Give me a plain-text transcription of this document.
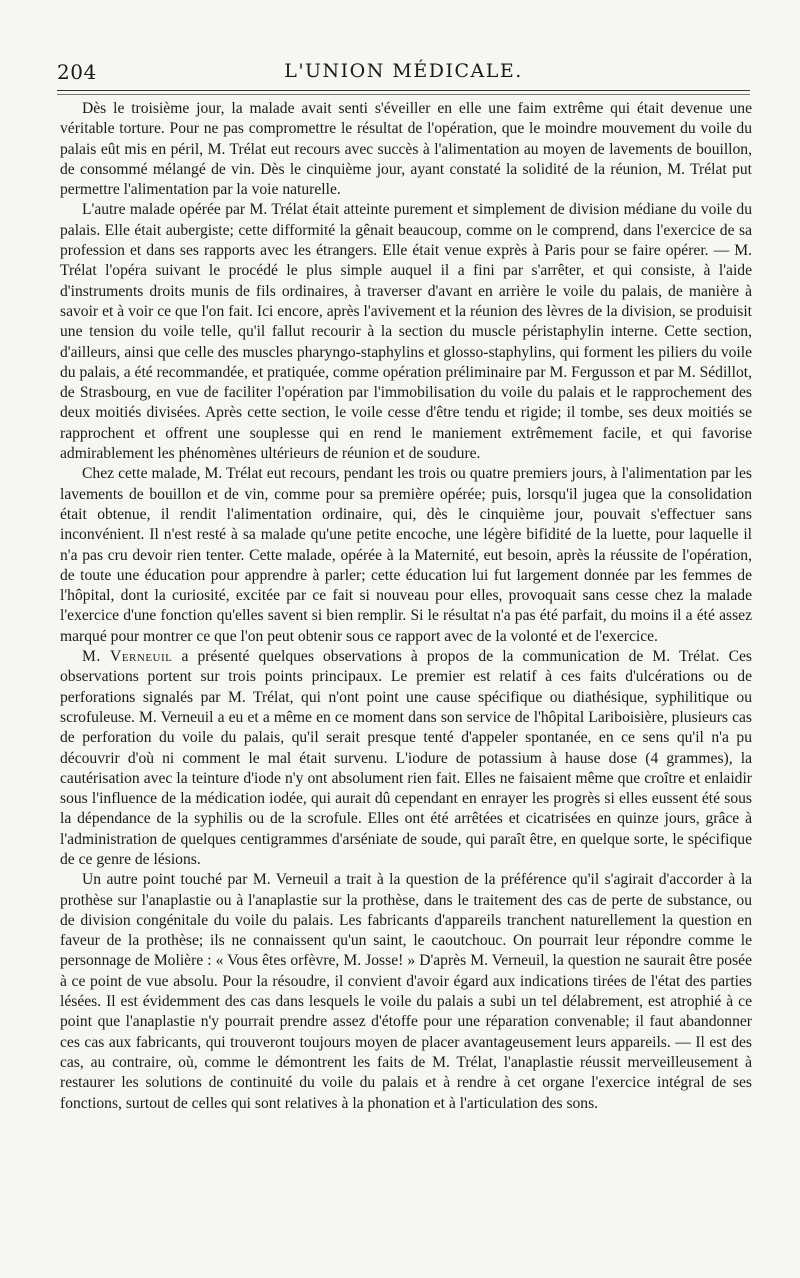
204	L'UNION MÉDICALE.

Dès le troisième jour, la malade avait senti s'éveiller en elle une faim extrême qui était devenue une véritable torture. Pour ne pas compromettre le résultat de l'opération, que le moindre mouvement du voile du palais eût mis en péril, M. Trélat eut recours avec succès à l'alimentation au moyen de lavements de bouillon, de consommé mélangé de vin. Dès le cinquième jour, ayant constaté la solidité de la réunion, M. Trélat put permettre l'alimentation par la voie naturelle.

L'autre malade opérée par M. Trélat était atteinte purement et simplement de division médiane du voile du palais. Elle était aubergiste; cette difformité la gênait beaucoup, comme on le comprend, dans l'exercice de sa profession et dans ses rapports avec les étrangers. Elle était venue exprès à Paris pour se faire opérer. — M. Trélat l'opéra suivant le procédé le plus simple auquel il a fini par s'arrêter, et qui consiste, à l'aide d'instruments droits munis de fils ordinaires, à traverser d'avant en arrière le voile du palais, de manière à savoir et à voir ce que l'on fait. Ici encore, après l'avivement et la réunion des lèvres de la division, se produisit une tension du voile telle, qu'il fallut recourir à la section du muscle péristaphylin interne. Cette section, d'ailleurs, ainsi que celle des muscles pharyngo-staphylins et glosso-staphylins, qui forment les piliers du voile du palais, a été recommandée, et pratiquée, comme opération préliminaire par M. Fergusson et par M. Sédillot, de Strasbourg, en vue de faciliter l'opération par l'immobilisation du voile du palais et le rapprochement des deux moitiés divisées. Après cette section, le voile cesse d'être tendu et rigide; il tombe, ses deux moitiés se rapprochent et offrent une souplesse qui en rend le maniement extrêmement facile, et qui favorise admirablement les phénomènes ultérieurs de réunion et de soudure.

Chez cette malade, M. Trélat eut recours, pendant les trois ou quatre premiers jours, à l'alimentation par les lavements de bouillon et de vin, comme pour sa première opérée; puis, lorsqu'il jugea que la consolidation était obtenue, il rendit l'alimentation ordinaire, qui, dès le cinquième jour, pouvait s'effectuer sans inconvénient. Il n'est resté à sa malade qu'une petite encoche, une légère bifidité de la luette, pour laquelle il n'a pas cru devoir rien tenter. Cette malade, opérée à la Maternité, eut besoin, après la réussite de l'opération, de toute une éducation pour apprendre à parler; cette éducation lui fut largement donnée par les femmes de l'hôpital, dont la curiosité, excitée par ce fait si nouveau pour elles, provoquait sans cesse chez la malade l'exercice d'une fonction qu'elles savent si bien remplir. Si le résultat n'a pas été parfait, du moins il a été assez marqué pour montrer ce que l'on peut obtenir sous ce rapport avec de la volonté et de l'exercice.

M. Verneuil a présenté quelques observations à propos de la communication de M. Trélat. Ces observations portent sur trois points principaux. Le premier est relatif à ces faits d'ulcérations ou de perforations signalés par M. Trélat, qui n'ont point une cause spécifique ou diathésique, syphilitique ou scrofuleuse. M. Verneuil a eu et a même en ce moment dans son service de l'hôpital Lariboisière, plusieurs cas de perforation du voile du palais, qu'il serait presque tenté d'appeler spontanée, en ce sens qu'il n'a pu découvrir d'où ni comment le mal était survenu. L'iodure de potassium à hause dose (4 grammes), la cautérisation avec la teinture d'iode n'y ont absolument rien fait. Elles ne faisaient même que croître et enlaidir sous l'influence de la médication iodée, qui aurait dû cependant en enrayer les progrès si elles eussent été sous la dépendance de la syphilis ou de la scrofule. Elles ont été arrêtées et cicatrisées en quinze jours, grâce à l'administration de quelques centigrammes d'arséniate de soude, qui paraît être, en quelque sorte, le spécifique de ce genre de lésions.

Un autre point touché par M. Verneuil a trait à la question de la préférence qu'il s'agirait d'accorder à la prothèse sur l'anaplastie ou à l'anaplastie sur la prothèse, dans le traitement des cas de perte de substance, ou de division congénitale du voile du palais. Les fabricants d'appareils tranchent naturellement la question en faveur de la prothèse; ils ne connaissent qu'un saint, le caoutchouc. On pourrait leur répondre comme le personnage de Molière : « Vous êtes orfèvre, M. Josse! » D'après M. Verneuil, la question ne saurait être posée à ce point de vue absolu. Pour la résoudre, il convient d'avoir égard aux indications tirées de l'état des parties lésées. Il est évidemment des cas dans lesquels le voile du palais a subi un tel délabrement, est atrophié à ce point que l'anaplastie n'y pourrait prendre assez d'étoffe pour une réparation convenable; il faut abandonner ces cas aux fabricants, qui trouveront toujours moyen de placer avantageusement leurs appareils. — Il est des cas, au contraire, où, comme le démontrent les faits de M. Trélat, l'anaplastie réussit merveilleusement à restaurer les solutions de continuité du voile du palais et à rendre à cet organe l'exercice intégral de ses fonctions, surtout de celles qui sont relatives à la phonation et à l'articulation des sons.
